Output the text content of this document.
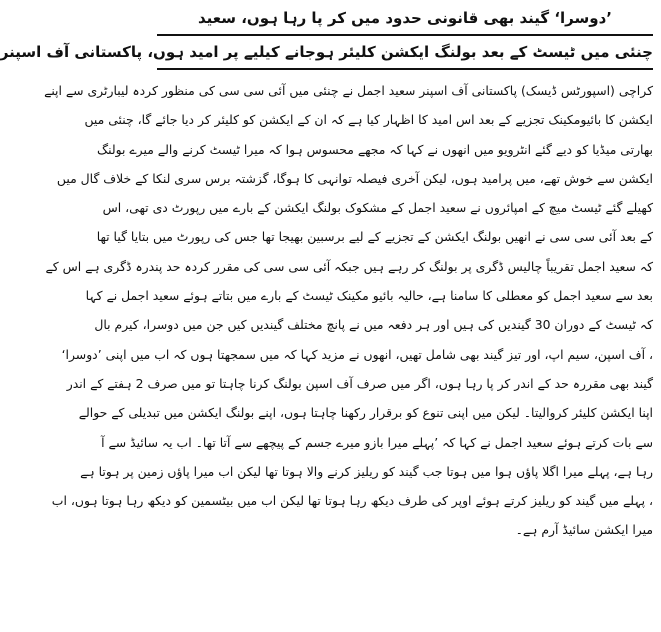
’دوسرا‘ گیند بھی قانونی حدود میں کر پا رہا ہوں، سعید
چنئی میں ٹیسٹ کے بعد بولنگ ایکشن کلیئر ہوجانے کیلیے پر امید ہوں، پاکستانی آف اسپنر
کراچی (اسپورٹس ڈیسک) پاکستانی آف اسپنر سعید اجمل نے چنئی میں آئی سی سی کی منظور کردہ لیبارٹری سے اپنے
ایکشن کا بائیومکینک تجزیے کے بعد اس امید کا اظہار کیا ہے کہ ان کے ایکشن کو کلیئر کر دیا جائے گا، چنئی میں
بھارتی میڈیا کو دیے گئے انٹرویو میں انھوں نے کہا کہ مجھے محسوس ہوا کہ میرا ٹیسٹ کرنے والے میرے بولنگ
ایکشن سے خوش تھے، میں پرامید ہوں، لیکن آخری فیصلہ توانہی کا ہوگا، گزشتہ برس سری لنکا کے خلاف گال میں
کھیلے گئے ٹیسٹ میچ کے امپائروں نے سعید اجمل کے مشکوک بولنگ ایکشن کے بارے میں رپورٹ دی تھی، اس
کے بعد آئی سی سی نے انھیں بولنگ ایکشن کے تجزیے کے لیے برسبین بھیجا تھا جس کی رپورٹ میں بتایا گیا تھا
کہ سعید اجمل تقریباً چالیس ڈگری پر بولنگ کر رہے ہیں جبکہ آئی سی سی کی مقرر کردہ حد پندرہ ڈگری ہے اس کے
بعد سے سعید اجمل کو معطلی کا سامنا ہے، حالیہ بائیو مکینک ٹیسٹ کے بارے میں بتاتے ہوئے سعید اجمل نے کہا
کہ ٹیسٹ کے دوران 30 گیندیں کی ہیں اور ہر دفعہ میں نے پانچ مختلف گیندیں کیں جن میں دوسرا، کیرم بال
، آف اسپن، سیم اپ، اور تیز گیند بھی شامل تھیں، انھوں نے مزید کہا کہ میں سمجھتا ہوں کہ اب میں اپنی ’دوسرا‘
گیند بھی مقررہ حد کے اندر کر پا رہا ہوں، اگر میں صرف آف اسپن بولنگ کرنا چاہتا تو میں صرف 2 ہفتے کے اندر
اپنا ایکشن کلیئر کروالیتا۔ لیکن میں اپنی تنوع کو برقرار رکھنا چاہتا ہوں، اپنے بولنگ ایکشن میں تبدیلی کے حوالے
سے بات کرتے ہوئے سعید اجمل نے کہا کہ ’پہلے میرا بازو میرے جسم کے پیچھے سے آتا تھا۔ اب یہ سائیڈ سے آ
رہا ہے، پہلے میرا اگلا پاؤں ہوا میں ہوتا جب گیند کو ریلیز کرنے والا ہوتا تھا لیکن اب میرا پاؤں زمین پر ہوتا ہے
، پہلے میں گیند کو ریلیز کرتے ہوئے اوپر کی طرف دیکھ رہا ہوتا تھا لیکن اب میں بیٹسمین کو دیکھ رہا ہوتا ہوں، اب
میرا ایکشن سائیڈ آرم ہے۔
